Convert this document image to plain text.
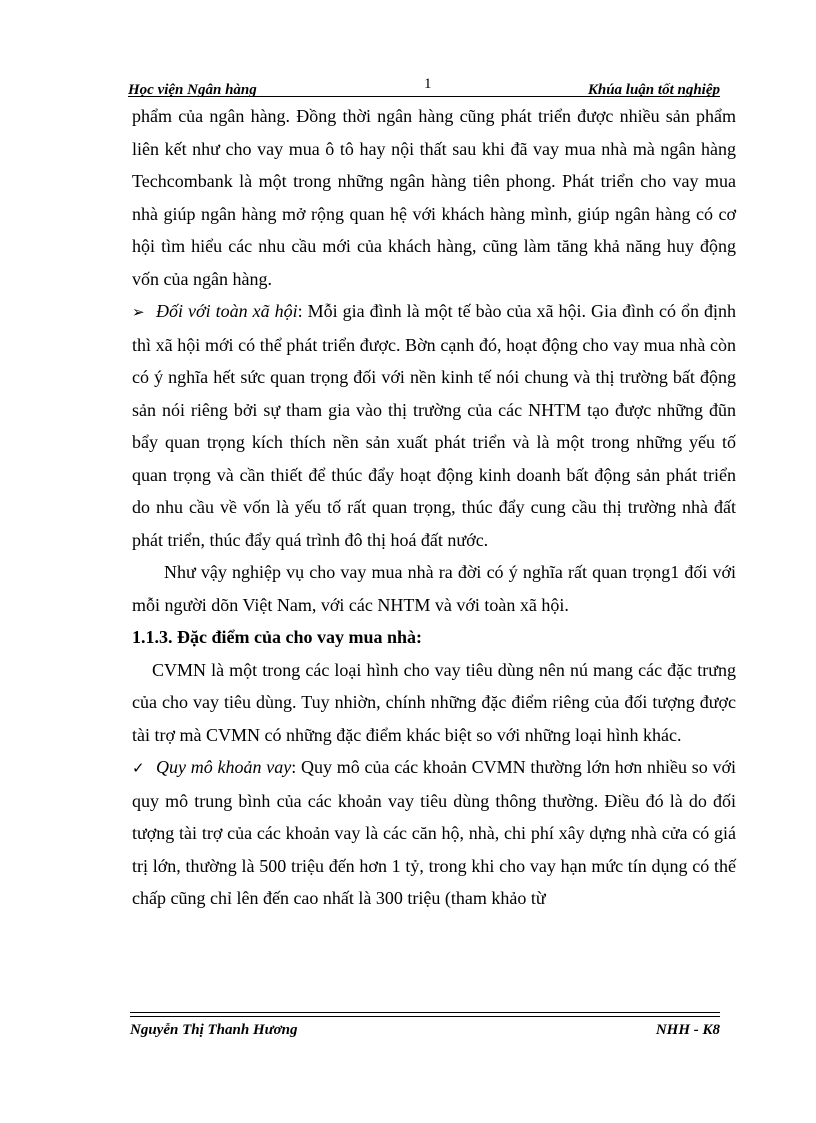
Học viện Ngân hàng	1	Khúa luận tốt nghiệp

phẩm của ngân hàng. Đồng thời ngân hàng cũng phát triển được nhiều sản phẩm liên kết như cho vay mua ô tô hay nội thất sau khi đã vay mua nhà mà ngân hàng Techcombank là một trong những ngân hàng tiên phong. Phát triển cho vay mua nhà giúp ngân hàng mở rộng quan hệ với khách hàng mình, giúp ngân hàng có cơ hội tìm hiểu các nhu cầu mới của khách hàng, cũng làm tăng khả năng huy động vốn của ngân hàng.

➢ Đối với toàn xã hội: Mỗi gia đình là một tế bào của xã hội. Gia đình có ổn định thì xã hội mới có thể phát triển được. Bờn cạnh đó, hoạt động cho vay mua nhà còn có ý nghĩa hết sức quan trọng đối với nền kinh tế nói chung và thị trường bất động sản nói riêng bởi sự tham gia vào thị trường của các NHTM tạo được những đũn bẩy quan trọng kích thích nền sản xuất phát triển và là một trong những yếu tố quan trọng và cần thiết để thúc đẩy hoạt động kinh doanh bất động sản phát triển do nhu cầu về vốn là yếu tố rất quan trọng, thúc đẩy cung cầu thị trường nhà đất phát triển, thúc đẩy quá trình đô thị hoá đất nước.

Như vậy nghiệp vụ cho vay mua nhà ra đời có ý nghĩa rất quan trọng1 đối với mỗi người dõn Việt Nam, với các NHTM và với toàn xã hội.

1.1.3. Đặc điểm của cho vay mua nhà:

CVMN là một trong các loại hình cho vay tiêu dùng nên nú mang các đặc trưng của cho vay tiêu dùng. Tuy nhiờn, chính những đặc điểm riêng của đối tượng được tài trợ mà CVMN có những đặc điểm khác biệt so với những loại hình khác.

✓ Quy mô khoản vay: Quy mô của các khoản CVMN thường lớn hơn nhiều so với quy mô trung bình của các khoản vay tiêu dùng thông thường. Điều đó là do đối tượng tài trợ của các khoản vay là các căn hộ, nhà, chi phí xây dựng nhà cửa có giá trị lớn, thường là 500 triệu đến hơn 1 tỷ, trong khi cho vay hạn mức tín dụng có thế chấp cũng chỉ lên đến cao nhất là 300 triệu (tham khảo từ

Nguyễn Thị Thanh Hương	NHH - K8
